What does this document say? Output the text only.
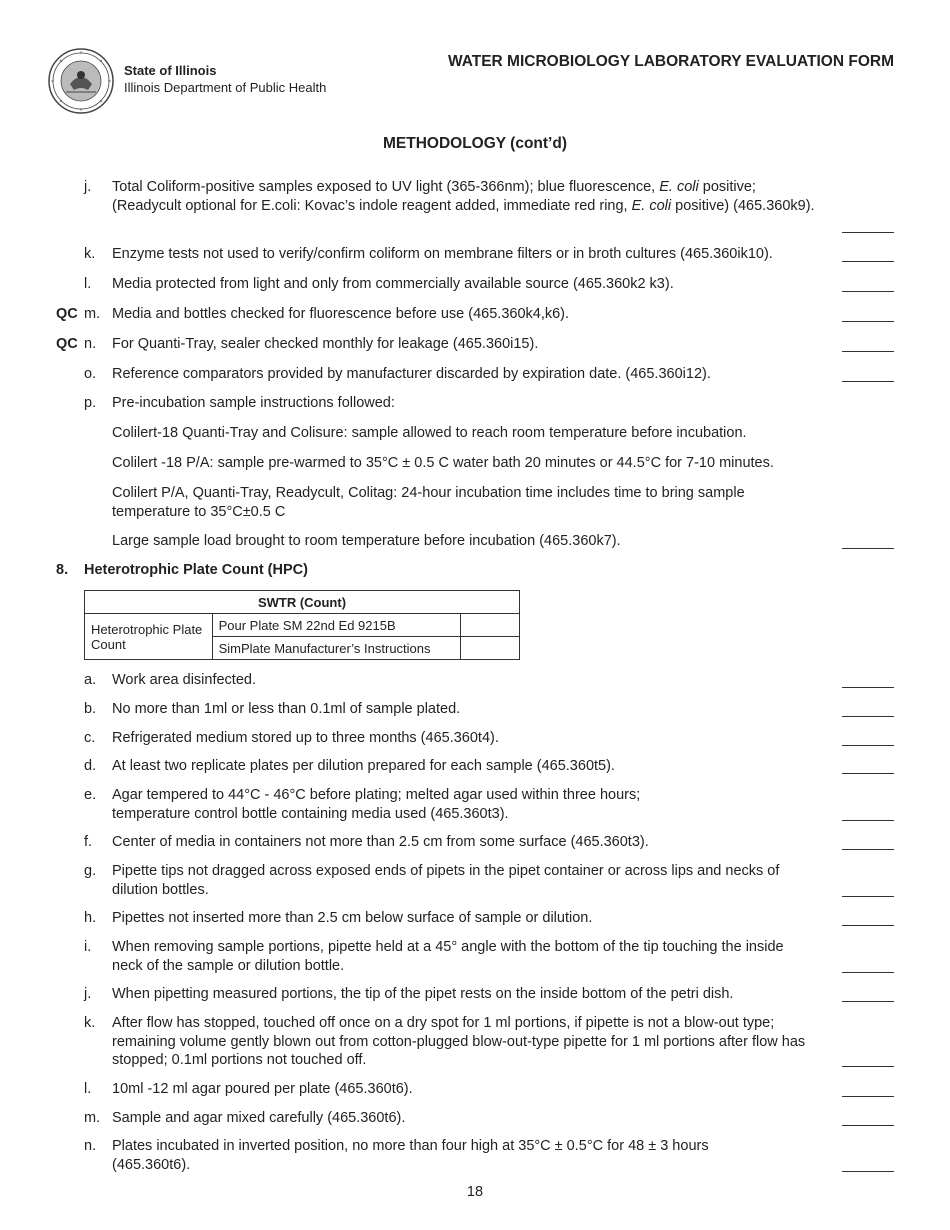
State of Illinois
Illinois Department of Public Health
WATER MICROBIOLOGY LABORATORY EVALUATION FORM
METHODOLOGY (cont’d)
j. Total Coliform-positive samples exposed to UV light (365-366nm); blue fluorescence, E. coli positive; (Readycult optional for E.coli: Kovac’s indole reagent added, immediate red ring, E. coli positive) (465.360k9).
k. Enzyme tests not used to verify/confirm coliform on membrane filters or in broth cultures (465.360ik10).
l. Media protected from light and only from commercially available source (465.360k2 k3).
QC m. Media and bottles checked for fluorescence before use (465.360k4,k6).
QC n. For Quanti-Tray, sealer checked monthly for leakage (465.360i15).
o. Reference comparators provided by manufacturer discarded by expiration date. (465.360i12).
p. Pre-incubation sample instructions followed:
Colilert-18 Quanti-Tray and Colisure: sample allowed to reach room temperature before incubation.
Colilert -18 P/A: sample pre-warmed to 35°C ± 0.5 C water bath 20 minutes or 44.5°C for 7-10 minutes.
Colilert P/A, Quanti-Tray, Readycult, Colitag: 24-hour incubation time includes time to bring sample temperature to 35°C±0.5 C
Large sample load brought to room temperature before incubation (465.360k7).
8. Heterotrophic Plate Count (HPC)
SWTR (Count)		
Heterotrophic Plate Count	Pour Plate SM 22nd Ed 9215B	
	SimPlate Manufacturer’s Instructions	
a. Work area disinfected.
b. No more than 1ml or less than 0.1ml of sample plated.
c. Refrigerated medium stored up to three months (465.360t4).
d. At least two replicate plates per dilution prepared for each sample (465.360t5).
e. Agar tempered to 44°C - 46°C before plating; melted agar used within three hours; temperature control bottle containing media used (465.360t3).
f. Center of media in containers not more than 2.5 cm from some surface (465.360t3).
g. Pipette tips not dragged across exposed ends of pipets in the pipet container or across lips and necks of dilution bottles.
h. Pipettes not inserted more than 2.5 cm below surface of sample or dilution.
i. When removing sample portions, pipette held at a 45° angle with the bottom of the tip touching the inside neck of the sample or dilution bottle.
j. When pipetting measured portions, the tip of the pipet rests on the inside bottom of the petri dish.
k. After flow has stopped, touched off once on a dry spot for 1 ml portions, if pipette is not a blow-out type; remaining volume gently blown out from cotton-plugged blow-out-type pipette for 1 ml portions after flow has stopped; 0.1ml portions not touched off.
l. 10ml -12 ml agar poured per plate (465.360t6).
m. Sample and agar mixed carefully (465.360t6).
n. Plates incubated in inverted position, no more than four high at 35°C ± 0.5°C for 48 ± 3 hours (465.360t6).
18
